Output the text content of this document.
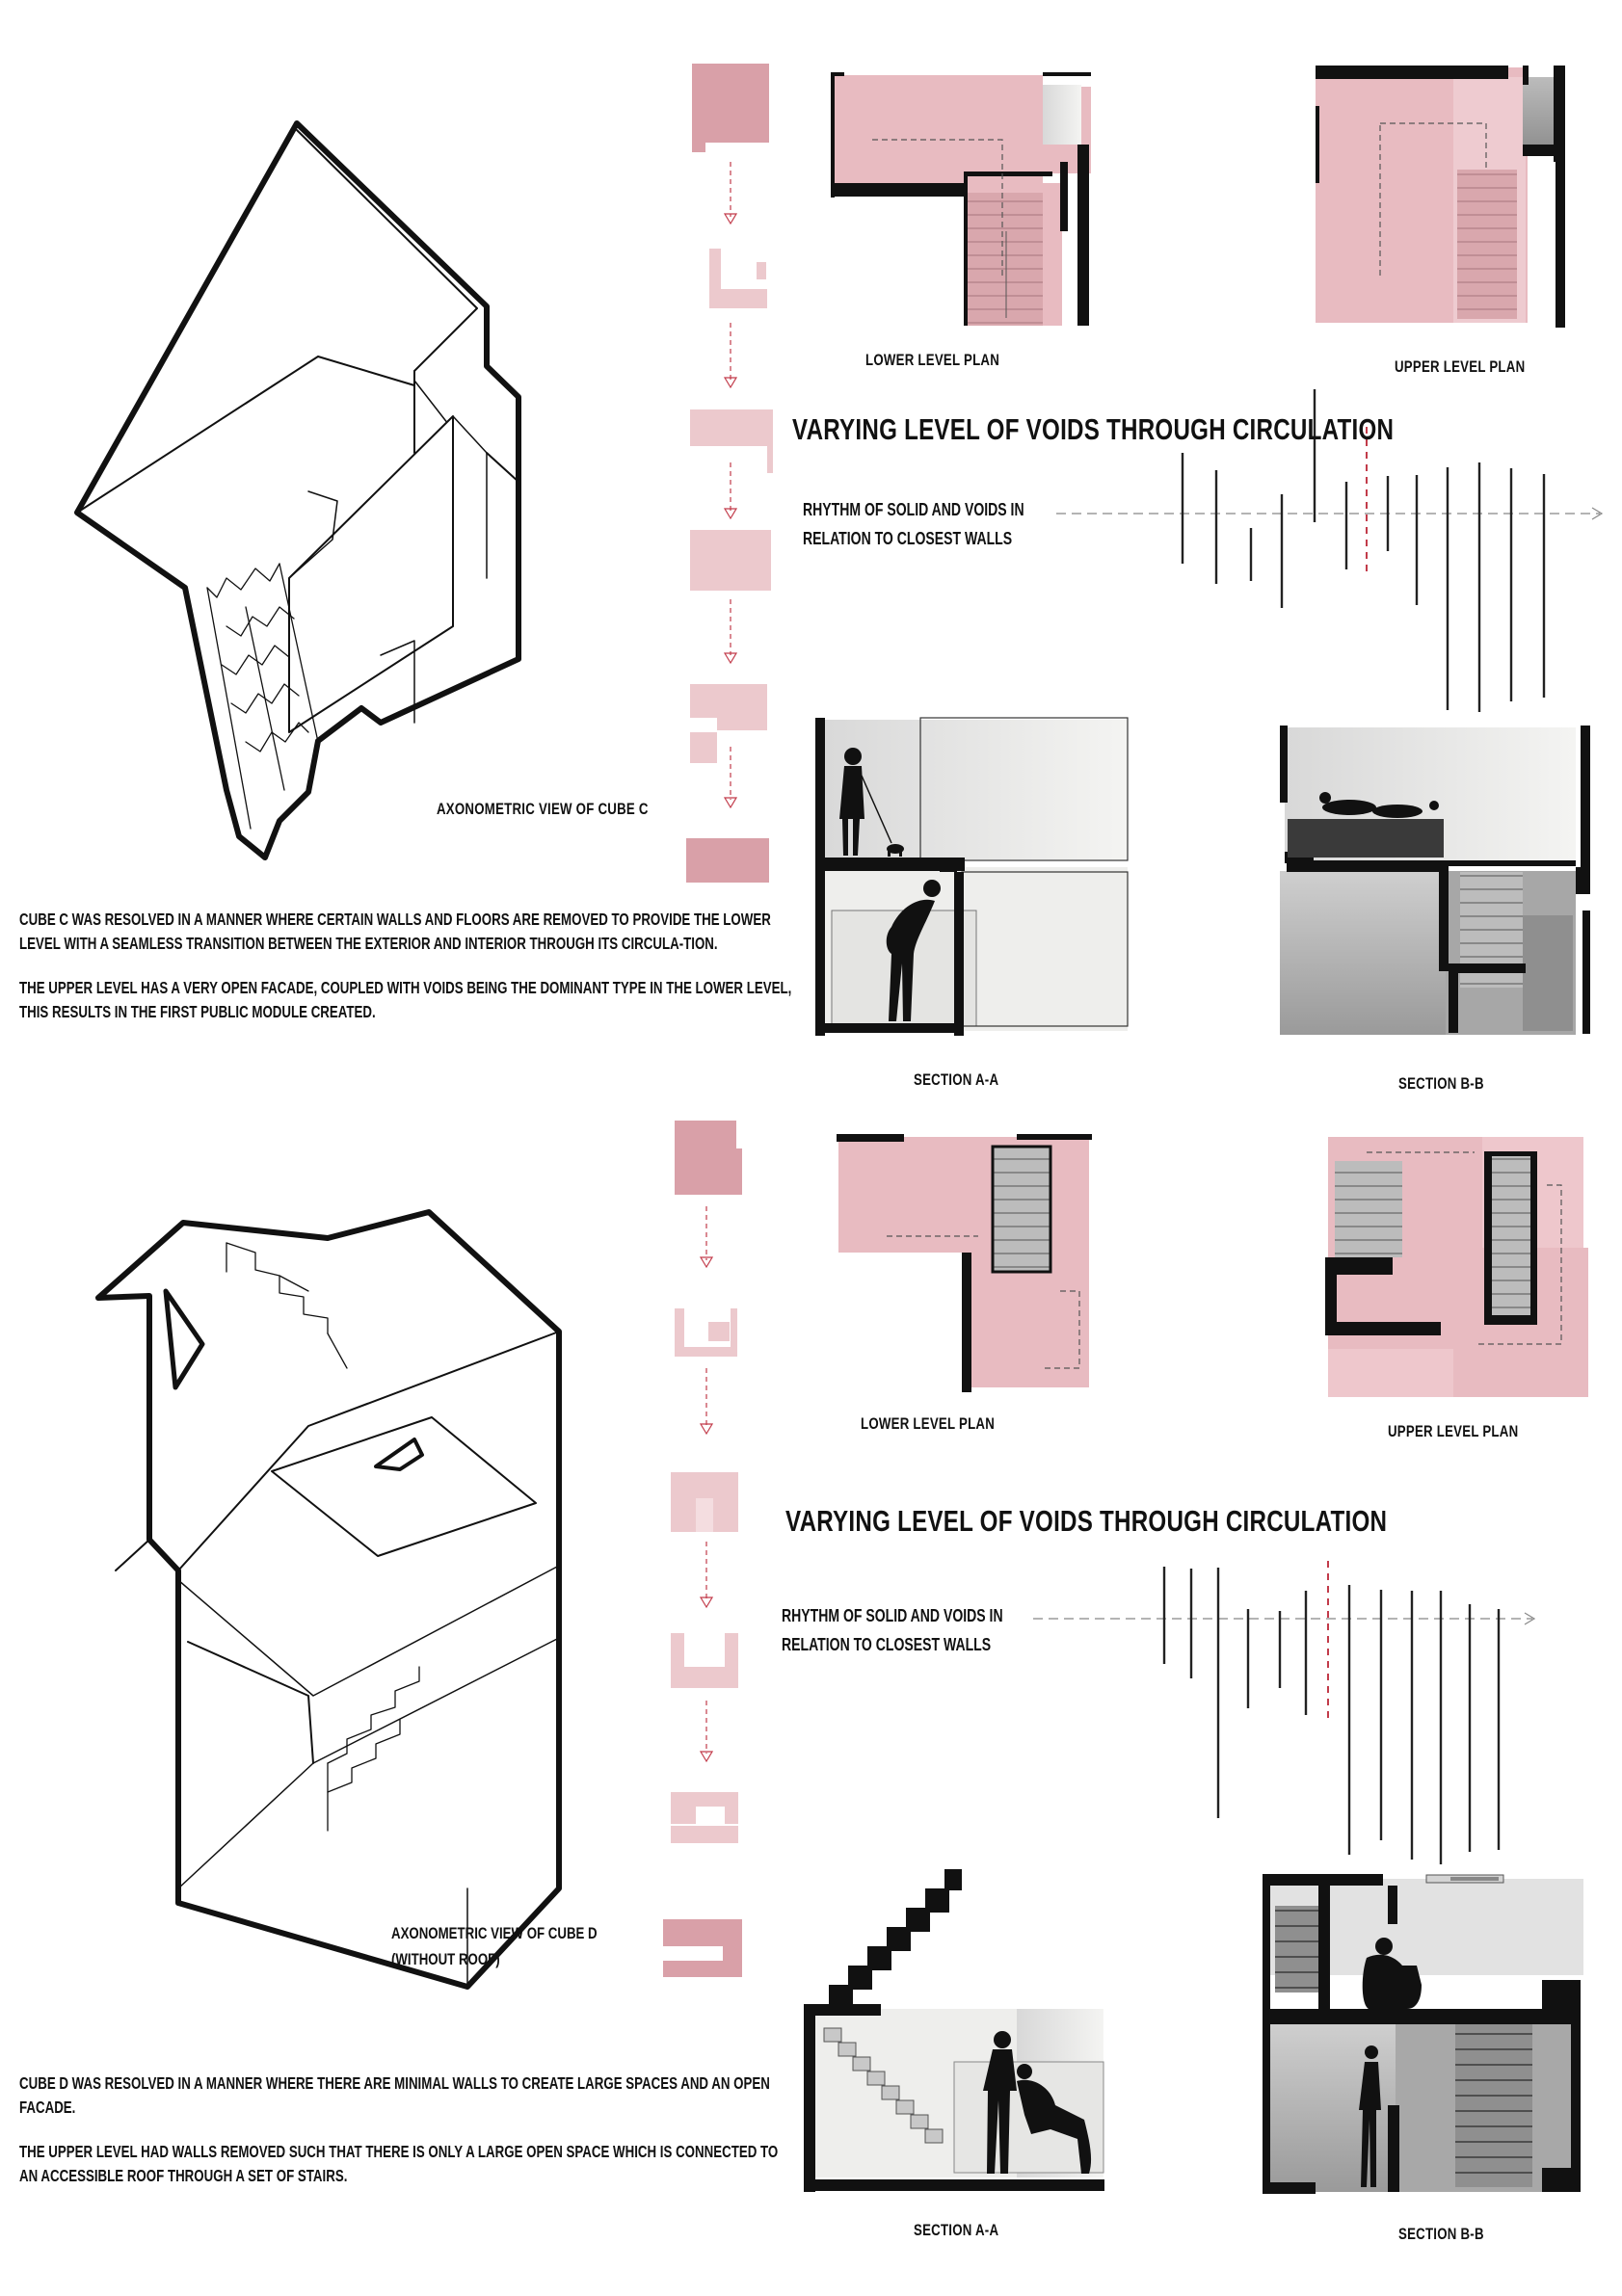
AXONOMETRIC VIEW OF CUBE C
LOWER LEVEL PLAN	UPPER LEVEL PLAN
VARYING LEVEL OF VOIDS THROUGH CIRCULATION
RHYTHM OF SOLID AND VOIDS IN
RELATION TO CLOSEST WALLS
SECTION A-A	SECTION B-B

CUBE C WAS RESOLVED IN A MANNER WHERE CERTAIN WALLS AND FLOORS ARE REMOVED TO PROVIDE THE LOWER LEVEL WITH A SEAMLESS TRANSITION BETWEEN THE EXTERIOR AND INTERIOR THROUGH ITS CIRCULA-TION.

THE UPPER LEVEL HAS A VERY OPEN FACADE, COUPLED WITH VOIDS BEING THE DOMINANT TYPE IN THE LOWER LEVEL, THIS RESULTS IN THE FIRST PUBLIC MODULE CREATED.

AXONOMETRIC VIEW OF CUBE D
(WITHOUT ROOF)
LOWER LEVEL PLAN	UPPER LEVEL PLAN
VARYING LEVEL OF VOIDS THROUGH CIRCULATION
RHYTHM OF SOLID AND VOIDS IN
RELATION TO CLOSEST WALLS
SECTION A-A	SECTION B-B

CUBE D WAS RESOLVED IN A MANNER WHERE THERE ARE MINIMAL WALLS TO CREATE LARGE SPACES AND AN OPEN FACADE.

THE UPPER LEVEL HAD WALLS REMOVED SUCH THAT THERE IS ONLY A LARGE OPEN SPACE WHICH IS CONNECTED TO AN ACCESSIBLE ROOF THROUGH A SET OF STAIRS.
